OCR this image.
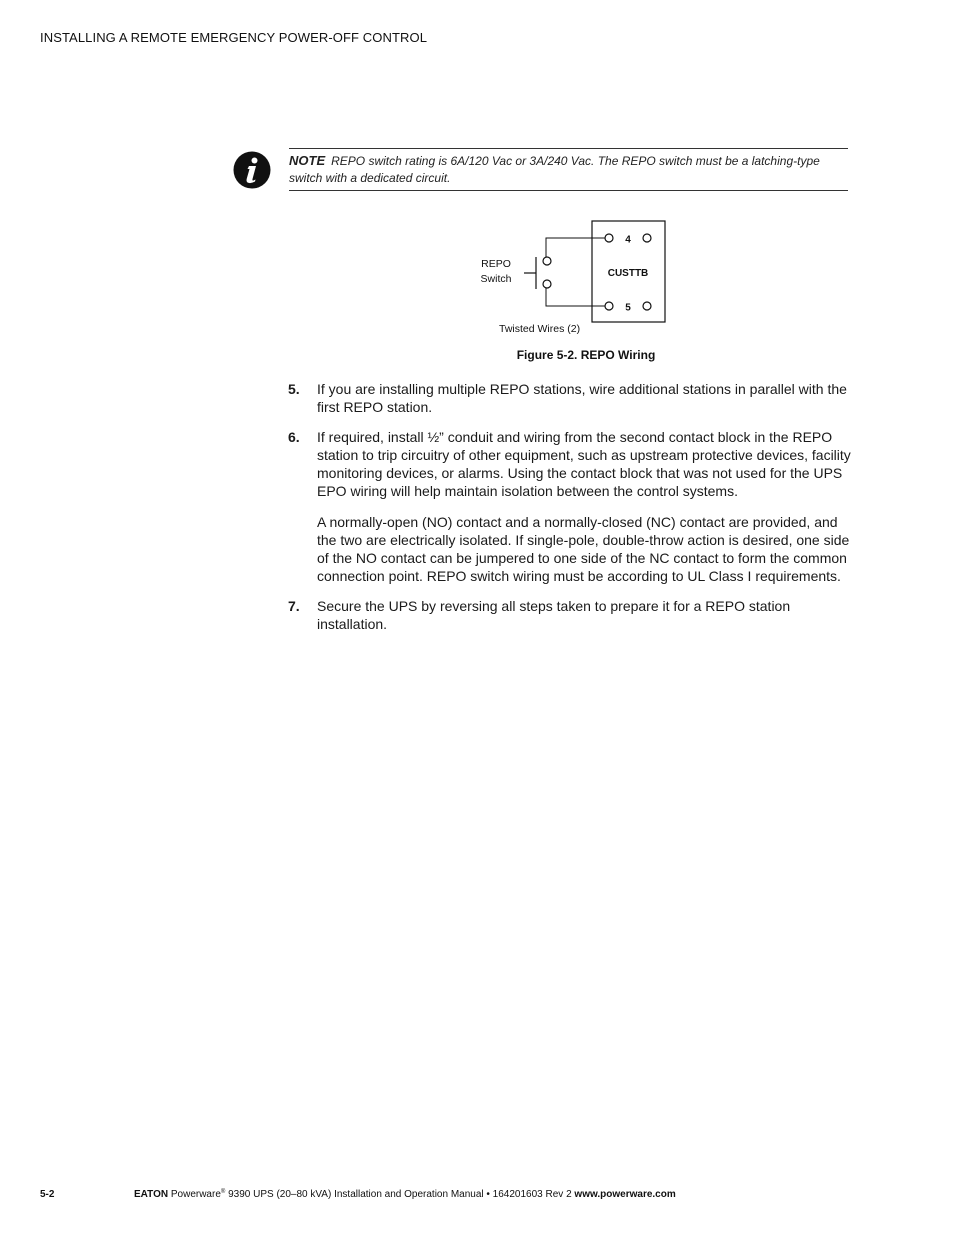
INSTALLING A REMOTE EMERGENCY POWER-OFF CONTROL
NOTE REPO switch rating is 6A/120 Vac or 3A/240 Vac. The REPO switch must be a latching-type switch with a dedicated circuit.
4
5
CUSTTB
REPO
Switch
Twisted Wires (2)
Figure 5-2. REPO Wiring
5. If you are installing multiple REPO stations, wire additional stations in parallel with the first REPO station.

6. If required, install ½” conduit and wiring from the second contact block in the REPO station to trip circuitry of other equipment, such as upstream protective devices, facility monitoring devices, or alarms. Using the contact block that was not used for the UPS EPO wiring will help maintain isolation between the control systems.

A normally-open (NO) contact and a normally-closed (NC) contact are provided, and the two are electrically isolated. If single-pole, double-throw action is desired, one side of the NO contact can be jumpered to one side of the NC contact to form the common connection point. REPO switch wiring must be according to UL Class I requirements.

7. Secure the UPS by reversing all steps taken to prepare it for a REPO station installation.

5-2	EATON Powerware® 9390 UPS (20–80 kVA) Installation and Operation Manual • 164201603 Rev 2 www.powerware.com
